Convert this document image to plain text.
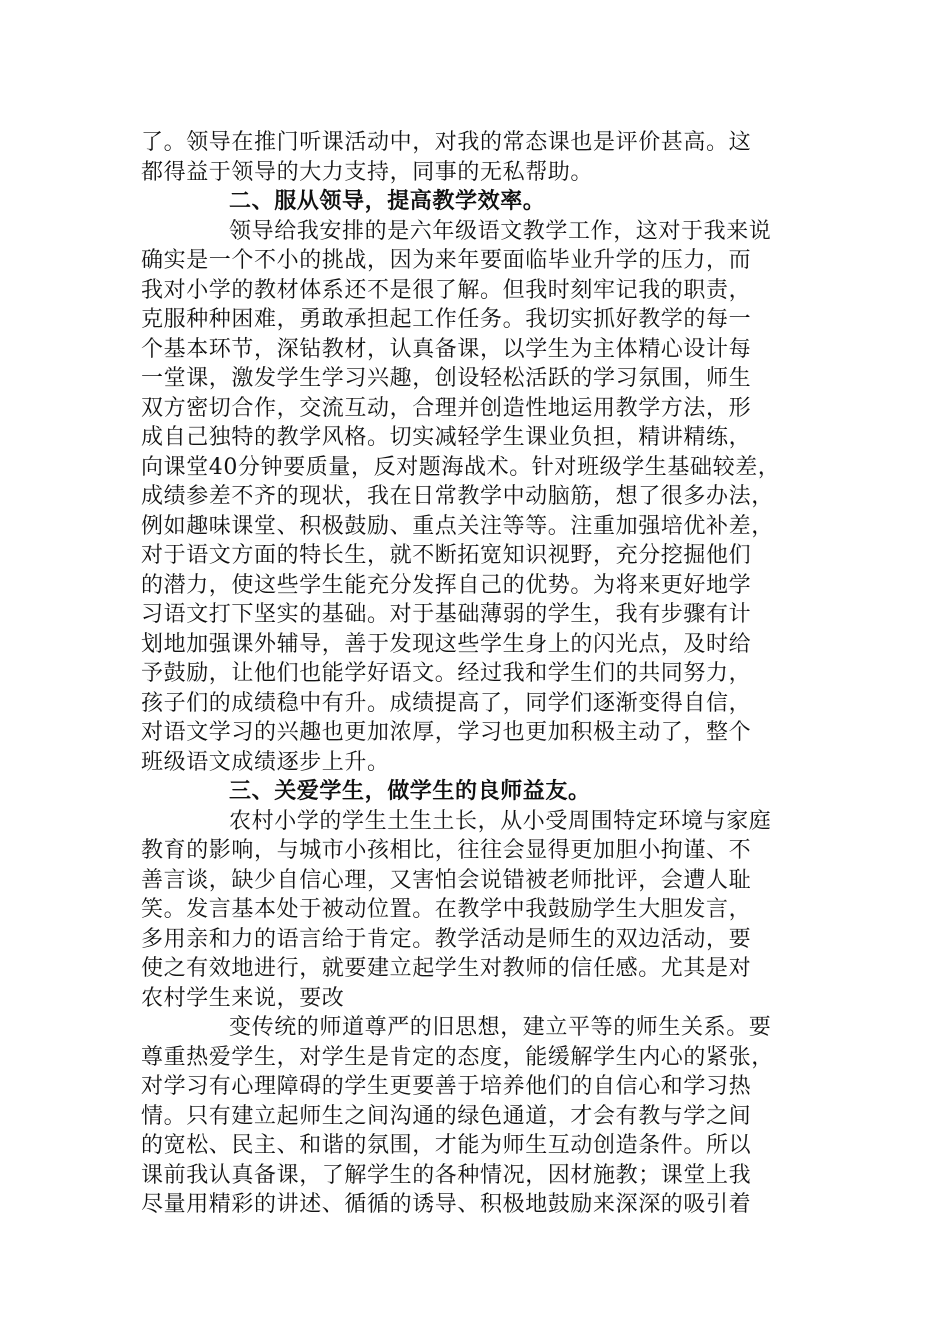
了。领导在推门听课活动中，对我的常态课也是评价甚高。这
都得益于领导的大力支持，同事的无私帮助。
二、服从领导，提高教学效率。
领导给我安排的是六年级语文教学工作，这对于我来说
确实是一个不小的挑战，因为来年要面临毕业升学的压力，而
我对小学的教材体系还不是很了解。但我时刻牢记我的职责，
克服种种困难，勇敢承担起工作任务。我切实抓好教学的每一
个基本环节，深钻教材，认真备课，以学生为主体精心设计每
一堂课，激发学生学习兴趣，创设轻松活跃的学习氛围，师生
双方密切合作，交流互动，合理并创造性地运用教学方法，形
成自己独特的教学风格。切实减轻学生课业负担，精讲精练，
向课堂40分钟要质量，反对题海战术。针对班级学生基础较差，
成绩参差不齐的现状，我在日常教学中动脑筋，想了很多办法，
例如趣味课堂、积极鼓励、重点关注等等。注重加强培优补差，
对于语文方面的特长生，就不断拓宽知识视野，充分挖掘他们
的潜力，使这些学生能充分发挥自己的优势。为将来更好地学
习语文打下坚实的基础。对于基础薄弱的学生，我有步骤有计
划地加强课外辅导，善于发现这些学生身上的闪光点，及时给
予鼓励，让他们也能学好语文。经过我和学生们的共同努力，
孩子们的成绩稳中有升。成绩提高了，同学们逐渐变得自信，
对语文学习的兴趣也更加浓厚，学习也更加积极主动了，整个
班级语文成绩逐步上升。
三、关爱学生，做学生的良师益友。
农村小学的学生土生土长，从小受周围特定环境与家庭
教育的影响，与城市小孩相比，往往会显得更加胆小拘谨、不
善言谈，缺少自信心理，又害怕会说错被老师批评，会遭人耻
笑。发言基本处于被动位置。在教学中我鼓励学生大胆发言，
多用亲和力的语言给于肯定。教学活动是师生的双边活动，要
使之有效地进行，就要建立起学生对教师的信任感。尤其是对
农村学生来说，要改
变传统的师道尊严的旧思想，建立平等的师生关系。要
尊重热爱学生，对学生是肯定的态度，能缓解学生内心的紧张，
对学习有心理障碍的学生更要善于培养他们的自信心和学习热
情。只有建立起师生之间沟通的绿色通道，才会有教与学之间
的宽松、民主、和谐的氛围，才能为师生互动创造条件。所以
课前我认真备课，了解学生的各种情况，因材施教；课堂上我
尽量用精彩的讲述、循循的诱导、积极地鼓励来深深的吸引着
